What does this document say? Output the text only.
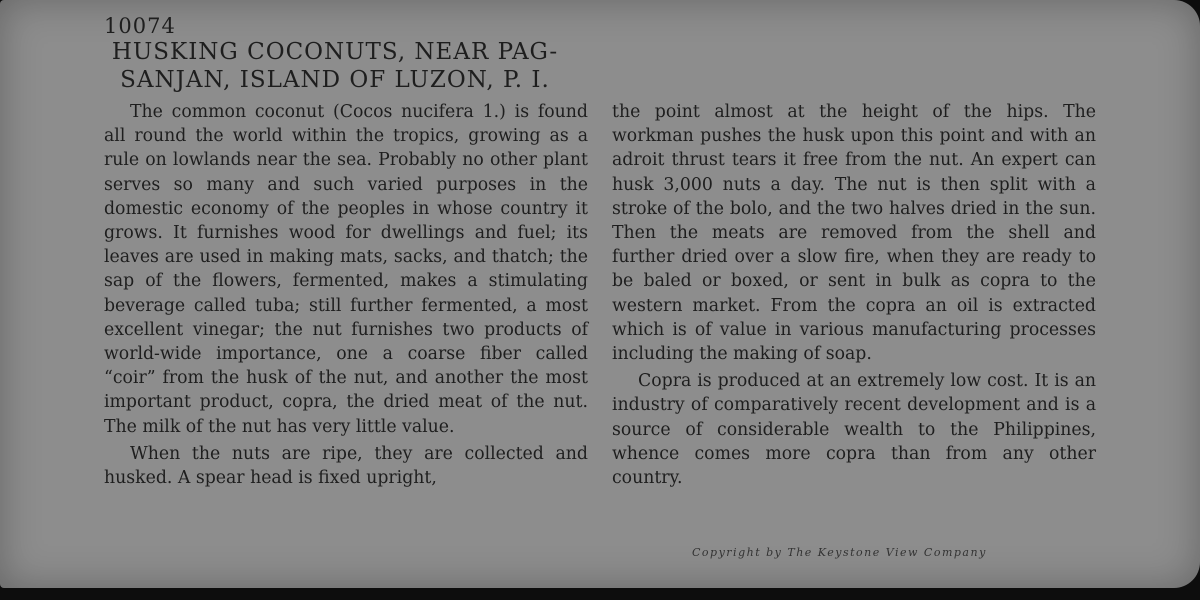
10074

HUSKING COCONUTS, NEAR PAG-
SANJAN, ISLAND OF LUZON, P. I.

The common coconut (Cocos nucifera 1.) is found all round the world within the tropics, growing as a rule on lowlands near the sea. Probably no other plant serves so many and such varied purposes in the domestic economy of the peoples in whose country it grows. It furnishes wood for dwellings and fuel; its leaves are used in making mats, sacks, and thatch; the sap of the flowers, fermented, makes a stimulating beverage called tuba; still further fermented, a most excellent vinegar; the nut furnishes two products of world-wide importance, one a coarse fiber called “coir” from the husk of the nut, and another the most important product, copra, the dried meat of the nut. The milk of the nut has very little value.

When the nuts are ripe, they are collected and husked. A spear head is fixed upright,

the point almost at the height of the hips. The workman pushes the husk upon this point and with an adroit thrust tears it free from the nut. An expert can husk 3,000 nuts a day. The nut is then split with a stroke of the bolo, and the two halves dried in the sun. Then the meats are removed from the shell and further dried over a slow fire, when they are ready to be baled or boxed, or sent in bulk as copra to the western market. From the copra an oil is extracted which is of value in various manufacturing processes including the making of soap.

Copra is produced at an extremely low cost. It is an industry of comparatively recent development and is a source of considerable wealth to the Philippines, whence comes more copra than from any other country.

Copyright by The Keystone View Company
